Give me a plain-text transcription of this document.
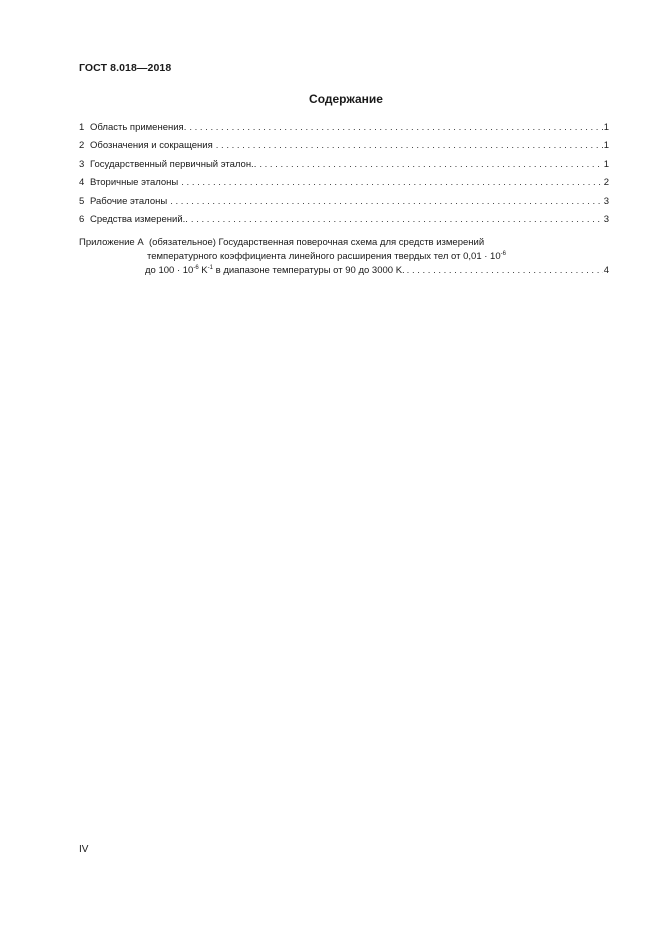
ГОСТ 8.018—2018
Содержание
1 Область применения. . . .	1
2 Обозначения и сокращения . . .	1
3 Государственный первичный эталон.. . . .	1
4 Вторичные эталоны . . .	2
5 Рабочие эталоны . . .	3
6 Средства измерений.. . . .	3
Приложение А (обязательное) Государственная поверочная схема для средств измерений
температурного коэффициента линейного расширения твердых тел от $0,01 \cdot 10^{-6}$
до $100 \cdot 10^{-6}$ $K^{-1}$ в диапазоне температуры от 90 до 3000 K. . . .	4
IV
